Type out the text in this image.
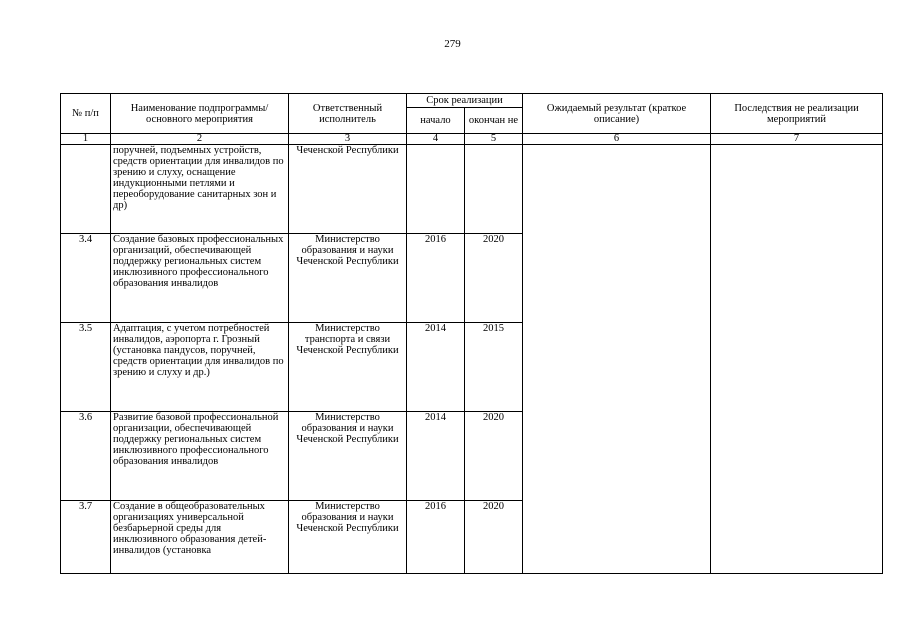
279
№ п/п	Наименование подпрограммы/ основного мероприятия	Ответственный исполнитель	Срок реализации		Ожидаемый результат (краткое описание)	Последствия не реализации мероприятий
			начало	окончан не		
1	2	3	4	5	6	7
	поручней, подъемных устройств, средств ориентации для инвалидов по зрению и слуху, оснащение индукционными петлями и переоборудование санитарных зон и др)	Чеченской Республики				
3.4	Создание базовых профессиональных организаций, обеспечивающей поддержку региональных систем инклюзивного профессионального образования инвалидов	Министерство образования и науки Чеченской Республики	2016	2020		
3.5	Адаптация, с учетом потребностей инвалидов, аэропорта г. Грозный (установка пандусов, поручней, средств ориентации для инвалидов по зрению и слуху и др.)	Министерство транспорта и связи Чеченской Республики	2014	2015		
3.6	Развитие базовой профессиональной организации, обеспечивающей поддержку региональных систем инклюзивного профессионального образования инвалидов	Министерство образования и науки Чеченской Республики	2014	2020		
3.7	Создание в общеобразовательных организациях универсальной безбарьерной среды для инклюзивного образования детей-инвалидов (установка	Министерство образования и науки Чеченской Республики	2016	2020		
